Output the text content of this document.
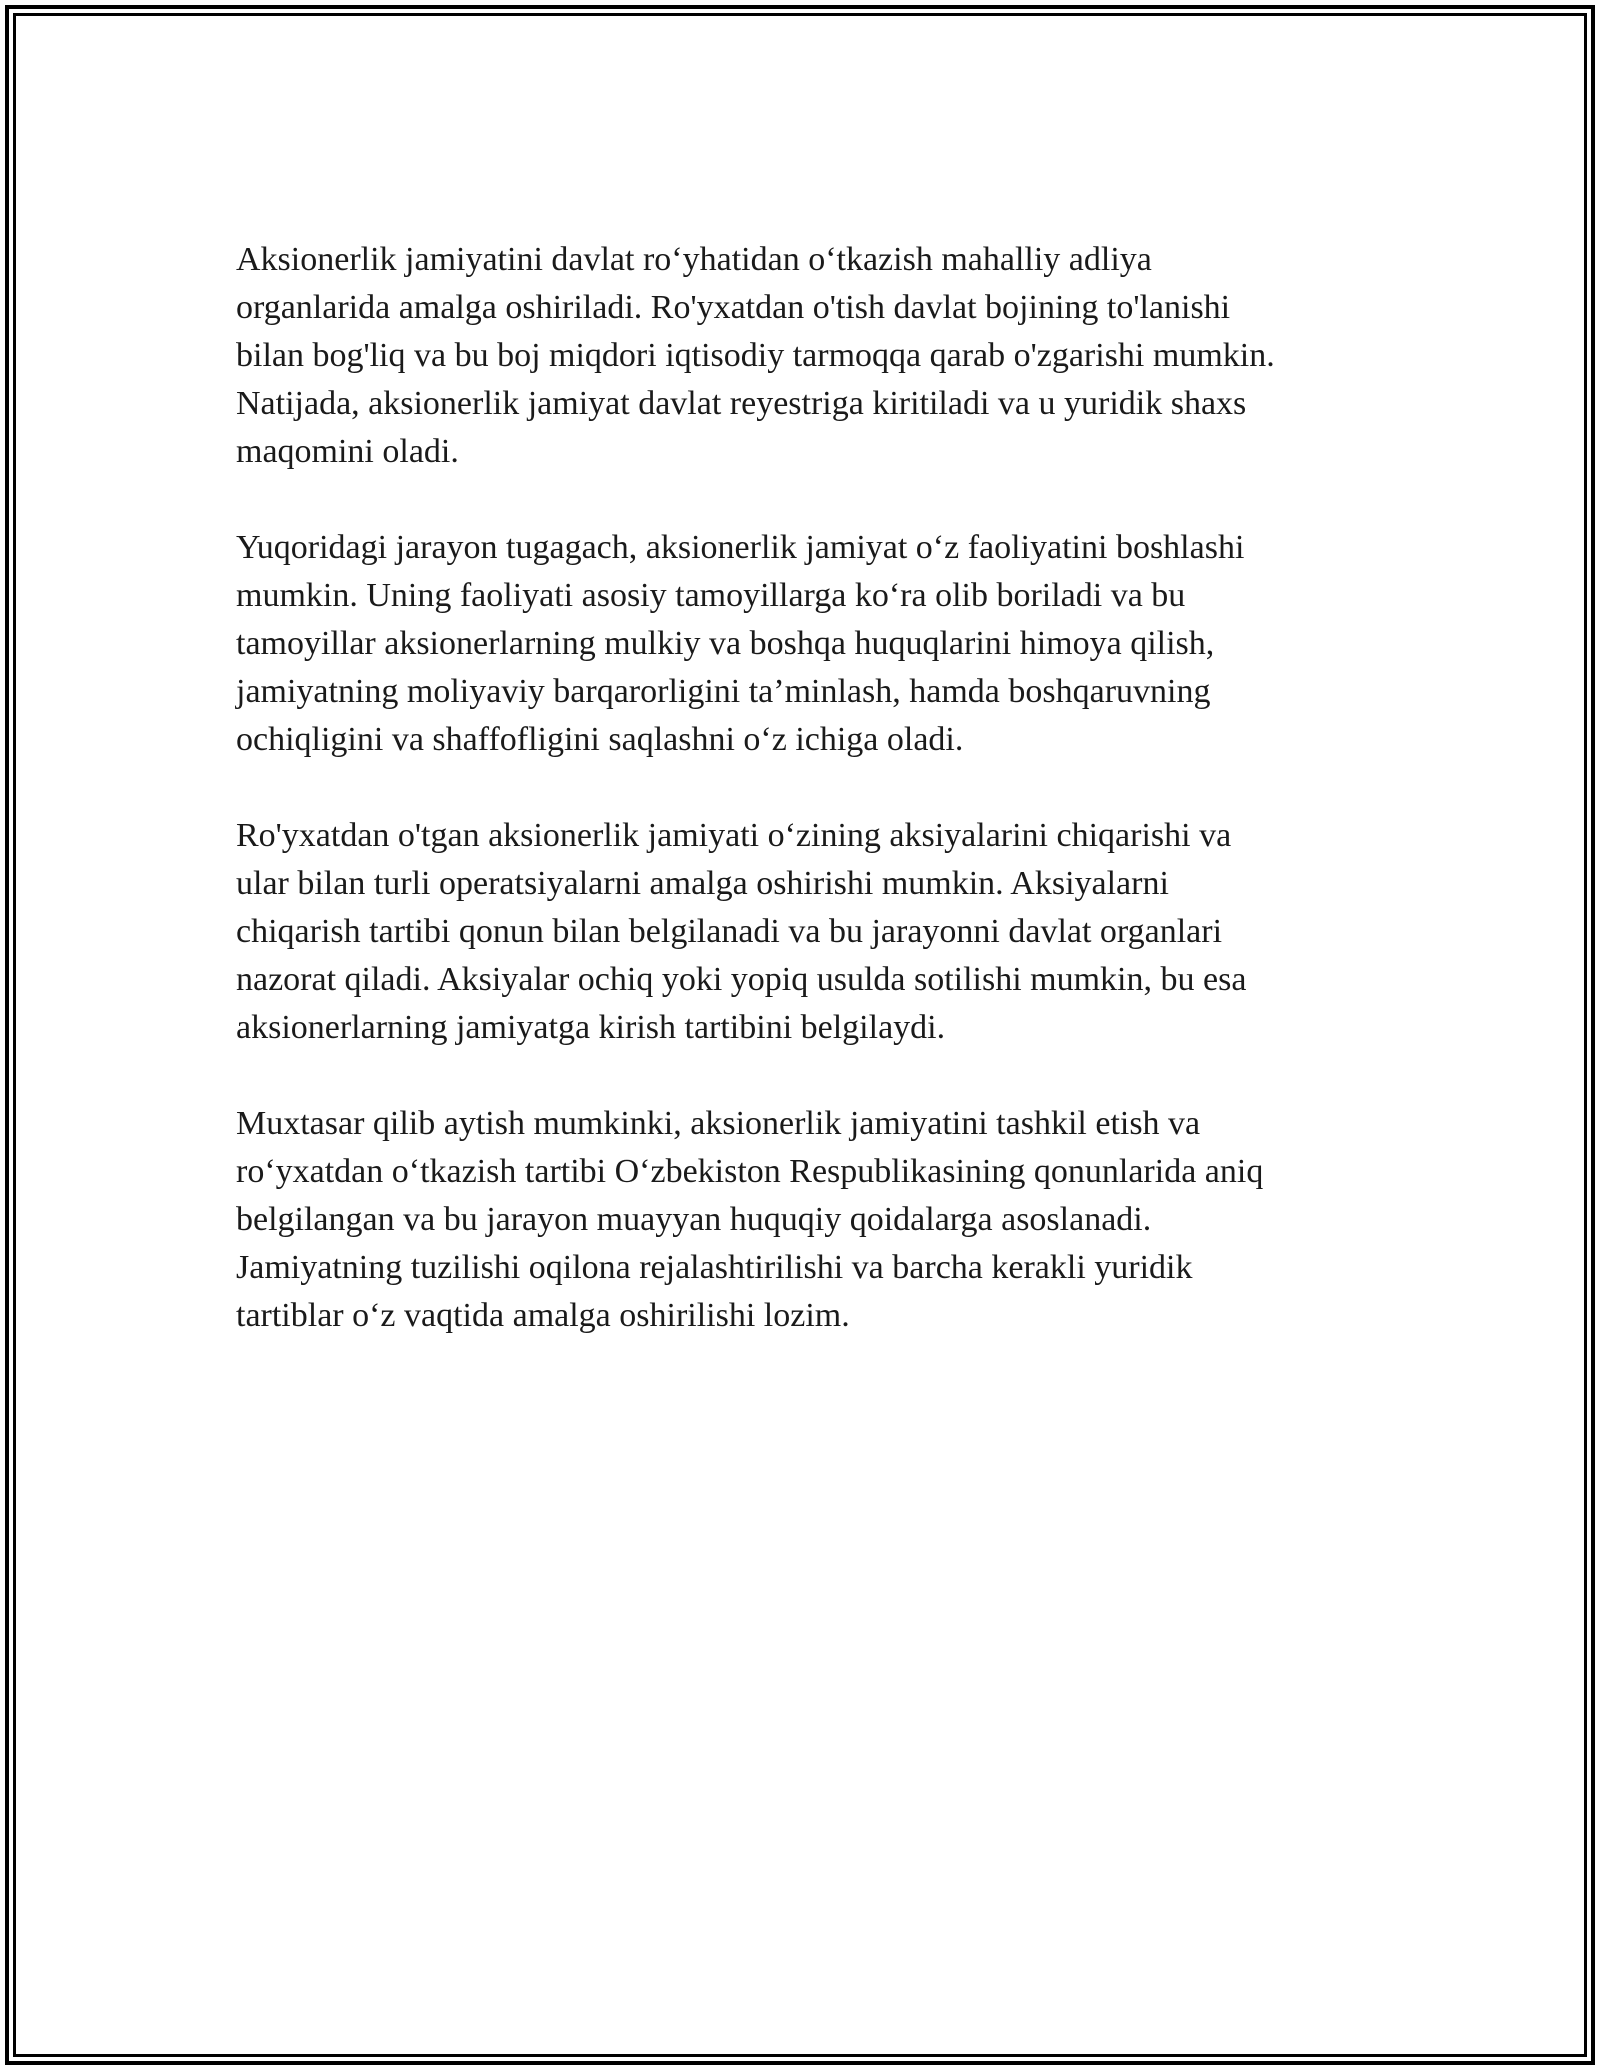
Aksionerlik jamiyatini davlat ro‘yhatidan o‘tkazish mahalliy adliya
organlarida amalga oshiriladi. Ro'yxatdan o'tish davlat bojining to'lanishi
bilan bog'liq va bu boj miqdori iqtisodiy tarmoqqa qarab o'zgarishi mumkin.
Natijada, aksionerlik jamiyat davlat reyestriga kiritiladi va u yuridik shaxs
maqomini oladi.

Yuqoridagi jarayon tugagach, aksionerlik jamiyat o‘z faoliyatini boshlashi
mumkin. Uning faoliyati asosiy tamoyillarga ko‘ra olib boriladi va bu
tamoyillar aksionerlarning mulkiy va boshqa huquqlarini himoya qilish,
jamiyatning moliyaviy barqarorligini ta’minlash, hamda boshqaruvning
ochiqligini va shaffofligini saqlashni o‘z ichiga oladi.

Ro'yxatdan o'tgan aksionerlik jamiyati o‘zining aksiyalarini chiqarishi va
ular bilan turli operatsiyalarni amalga oshirishi mumkin. Aksiyalarni
chiqarish tartibi qonun bilan belgilanadi va bu jarayonni davlat organlari
nazorat qiladi. Aksiyalar ochiq yoki yopiq usulda sotilishi mumkin, bu esa
aksionerlarning jamiyatga kirish tartibini belgilaydi.

Muxtasar qilib aytish mumkinki, aksionerlik jamiyatini tashkil etish va
ro‘yxatdan o‘tkazish tartibi O‘zbekiston Respublikasining qonunlarida aniq
belgilangan va bu jarayon muayyan huquqiy qoidalarga asoslanadi.
Jamiyatning tuzilishi oqilona rejalashtirilishi va barcha kerakli yuridik
tartiblar o‘z vaqtida amalga oshirilishi lozim.
